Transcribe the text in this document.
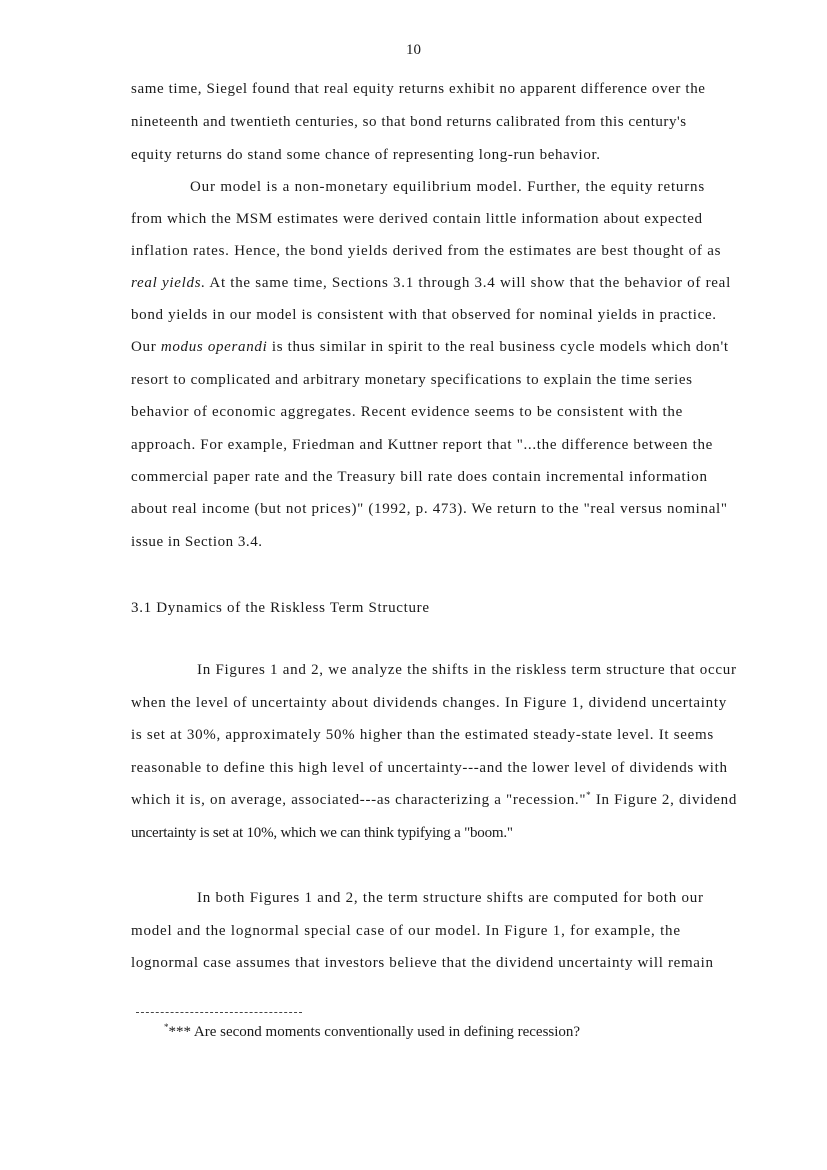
10
same time, Siegel found that real equity returns exhibit no apparent difference over the
nineteenth and twentieth centuries, so that bond returns calibrated from this century's
equity returns do stand some chance of representing long-run behavior.
Our model is a non-monetary equilibrium model. Further, the equity returns
from which the MSM estimates were derived contain little information about expected
inflation rates. Hence, the bond yields derived from the estimates are best thought of as
real yields. At the same time, Sections 3.1 through 3.4 will show that the behavior of real
bond yields in our model is consistent with that observed for nominal yields in practice.
Our modus operandi is thus similar in spirit to the real business cycle models which don't
resort to complicated and arbitrary monetary specifications to explain the time series
behavior of economic aggregates. Recent evidence seems to be consistent with the
approach. For example, Friedman and Kuttner report that "...the difference between the
commercial paper rate and the Treasury bill rate does contain incremental information
about real income (but not prices)" (1992, p. 473). We return to the "real versus nominal"
issue in Section 3.4.
3.1 Dynamics of the Riskless Term Structure
In Figures 1 and 2, we analyze the shifts in the riskless term structure that occur
when the level of uncertainty about dividends changes. In Figure 1, dividend uncertainty
is set at 30%, approximately 50% higher than the estimated steady-state level. It seems
reasonable to define this high level of uncertainty---and the lower level of dividends with
which it is, on average, associated---as characterizing a "recession."* In Figure 2, dividend
uncertainty is set at 10%, which we can think typifying a "boom."
In both Figures 1 and 2, the term structure shifts are computed for both our
model and the lognormal special case of our model. In Figure 1, for example, the
lognormal case assumes that investors believe that the dividend uncertainty will remain
**** Are second moments conventionally used in defining recession?
